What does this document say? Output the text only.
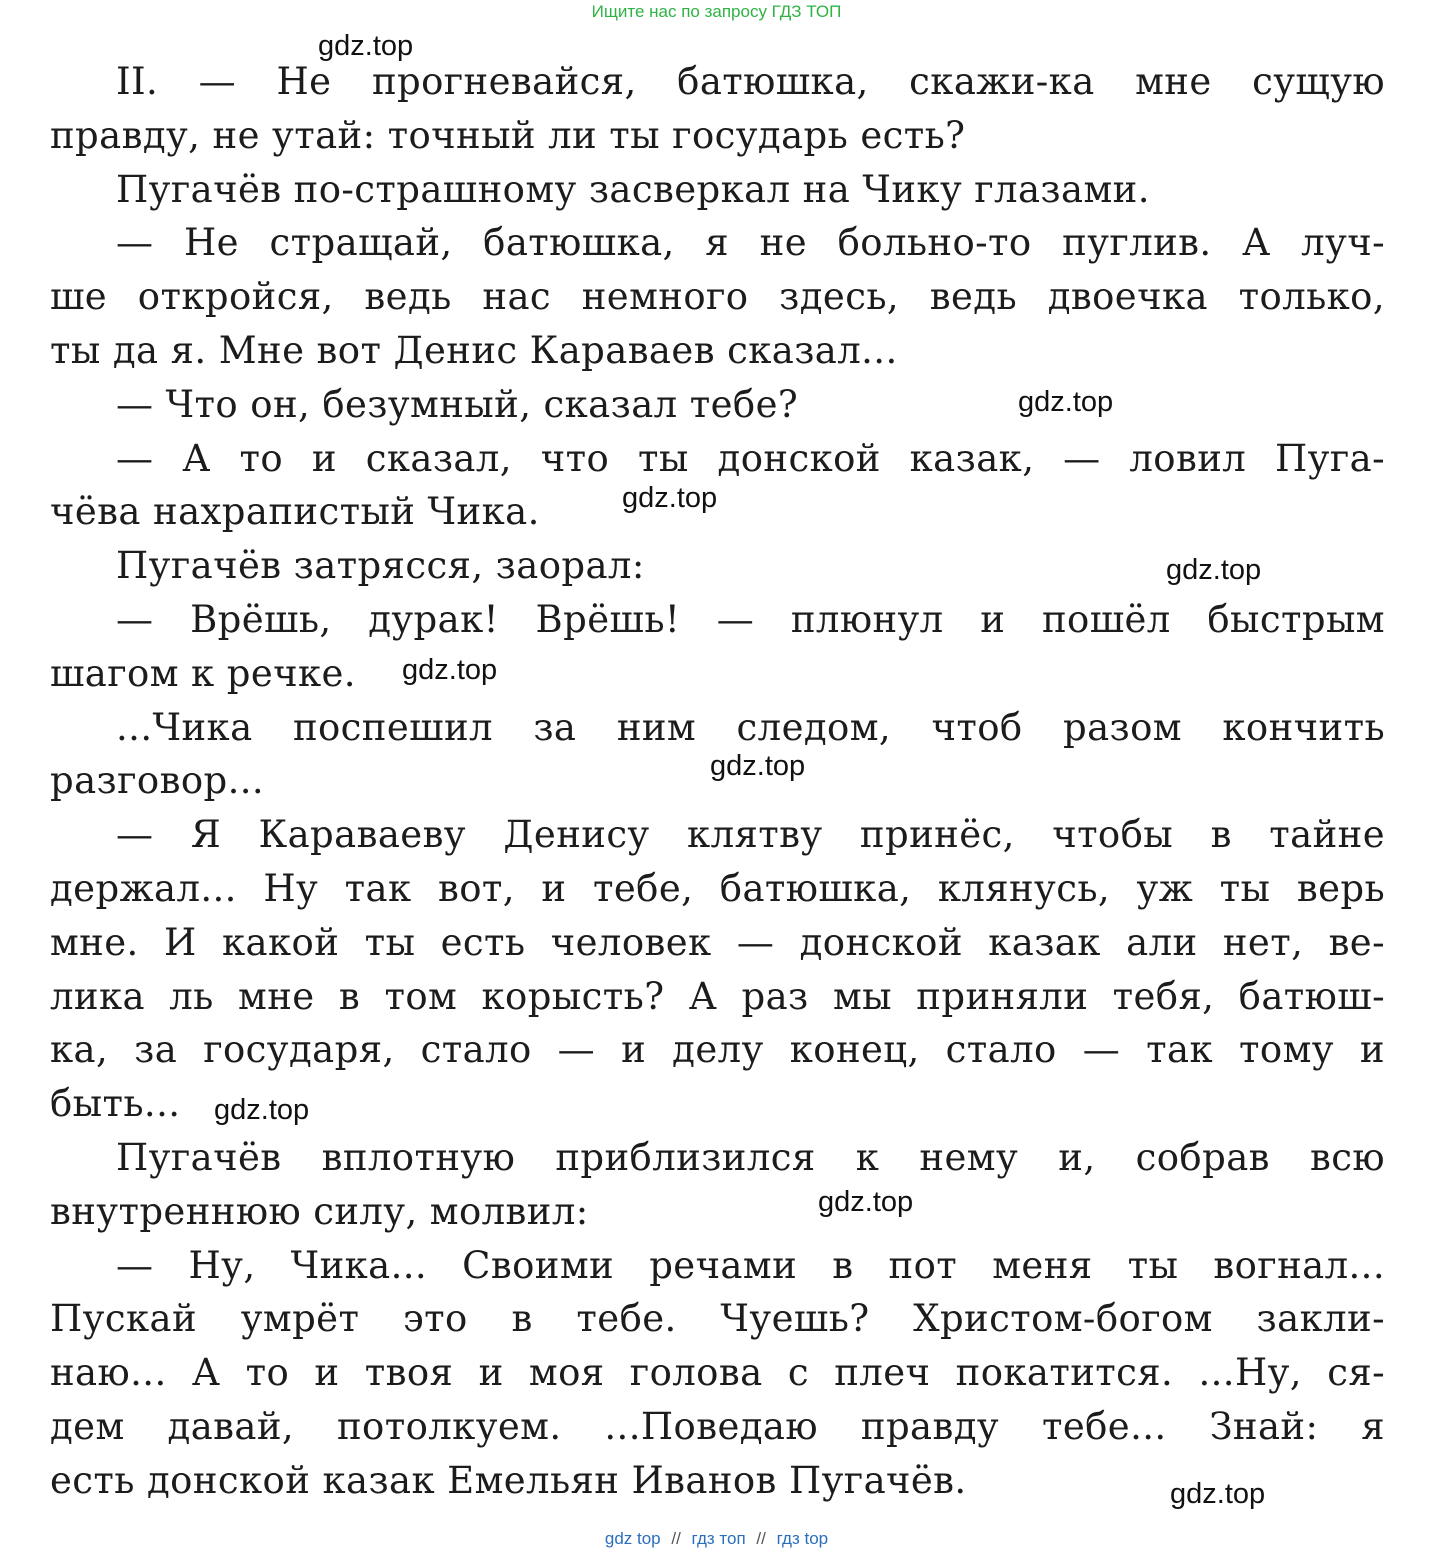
Ищите нас по запросу ГДЗ ТОП
II. — Не прогневайся, батюшка, скажи-ка мне сущую
правду, не утай: точный ли ты государь есть?
Пугачёв по-страшному засверкал на Чику глазами.
— Не стращай, батюшка, я не больно-то пуглив. А луч-
ше откройся, ведь нас немного здесь, ведь двоечка только,
ты да я. Мне вот Денис Караваев сказал...
— Что он, безумный, сказал тебе?
— А то и сказал, что ты донской казак, — ловил Пуга-
чёва нахрапистый Чика.
Пугачёв затрясся, заорал:
— Врёшь, дурак! Врёшь! — плюнул и пошёл быстрым
шагом к речке.
...Чика поспешил за ним следом, чтоб разом кончить
разговор...
— Я Караваеву Денису клятву принёс, чтобы в тайне
держал... Ну так вот, и тебе, батюшка, клянусь, уж ты верь
мне. И какой ты есть человек — донской казак али нет, ве-
лика ль мне в том корысть? А раз мы приняли тебя, батюш-
ка, за государя, стало — и делу конец, стало — так тому и
быть...
Пугачёв вплотную приблизился к нему и, собрав всю
внутреннюю силу, молвил:
— Ну, Чика... Своими речами в пот меня ты вогнал...
Пускай умрёт это в тебе. Чуешь? Христом-богом закли-
наю... А то и твоя и моя голова с плеч покатится. ...Ну, ся-
дем давай, потолкуем. ...Поведаю правду тебе... Знай: я
есть донской казак Емельян Иванов Пугачёв.
gdz.top
gdz.top
gdz.top
gdz.top
gdz.top
gdz.top
gdz.top
gdz.top
gdz.top
gdz top // гдз топ // гдз top
